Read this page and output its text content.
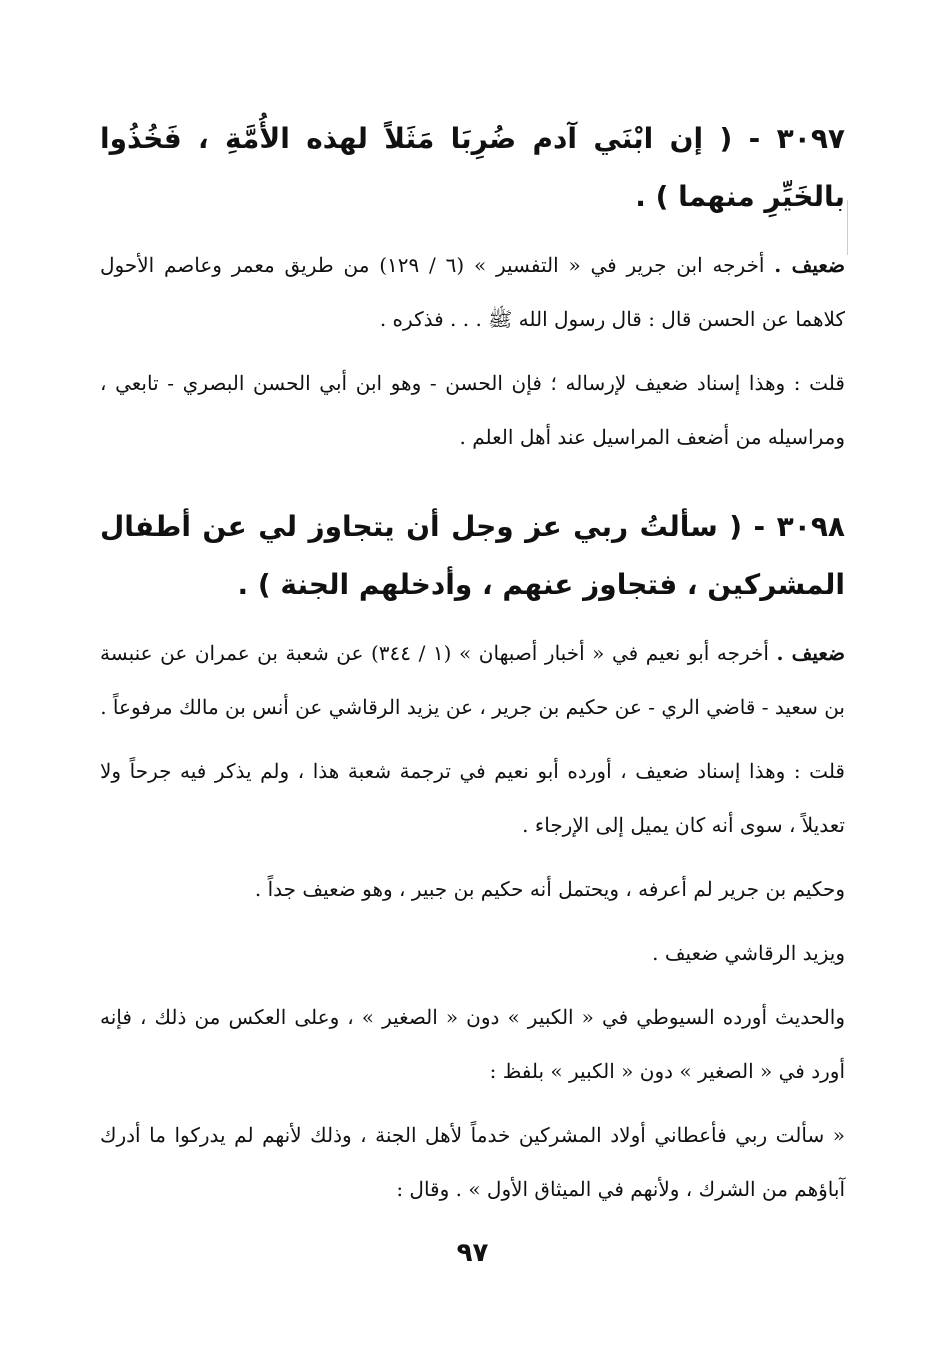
٣٠٩٧ - ( إن ابْنَي آدم ضُرِبَا مَثَلاً لهذه الأُمَّةِ ، فَخُذُوا بالخَيِّرِ منهما ) .

ضعيف . أخرجه ابن جرير في « التفسير » (٦ / ١٢٩) من طريق معمر وعاصم الأحول كلاهما عن الحسن قال : قال رسول الله ﷺ . . . فذكره .

قلت : وهذا إسناد ضعيف لإرساله ؛ فإن الحسن - وهو ابن أبي الحسن البصري - تابعي ، ومراسيله من أضعف المراسيل عند أهل العلم .

٣٠٩٨ - ( سألتُ ربي عز وجل أن يتجاوز لي عن أطفال المشركين ، فتجاوز عنهم ، وأدخلهم الجنة ) .

ضعيف . أخرجه أبو نعيم في « أخبار أصبهان » (١ / ٣٤٤) عن شعبة بن عمران عن عنبسة بن سعيد - قاضي الري - عن حكيم بن جرير ، عن يزيد الرقاشي عن أنس بن مالك مرفوعاً .

قلت : وهذا إسناد ضعيف ، أورده أبو نعيم في ترجمة شعبة هذا ، ولم يذكر فيه جرحاً ولا تعديلاً ، سوى أنه كان يميل إلى الإرجاء .

وحكيم بن جرير لم أعرفه ، ويحتمل أنه حكيم بن جبير ، وهو ضعيف جداً .

ويزيد الرقاشي ضعيف .

والحديث أورده السيوطي في « الكبير » دون « الصغير » ، وعلى العكس من ذلك ، فإنه أورد في « الصغير » دون « الكبير » بلفظ :

« سألت ربي فأعطاني أولاد المشركين خدماً لأهل الجنة ، وذلك لأنهم لم يدركوا ما أدرك آباؤهم من الشرك ، ولأنهم في الميثاق الأول » . وقال :

٩٧
